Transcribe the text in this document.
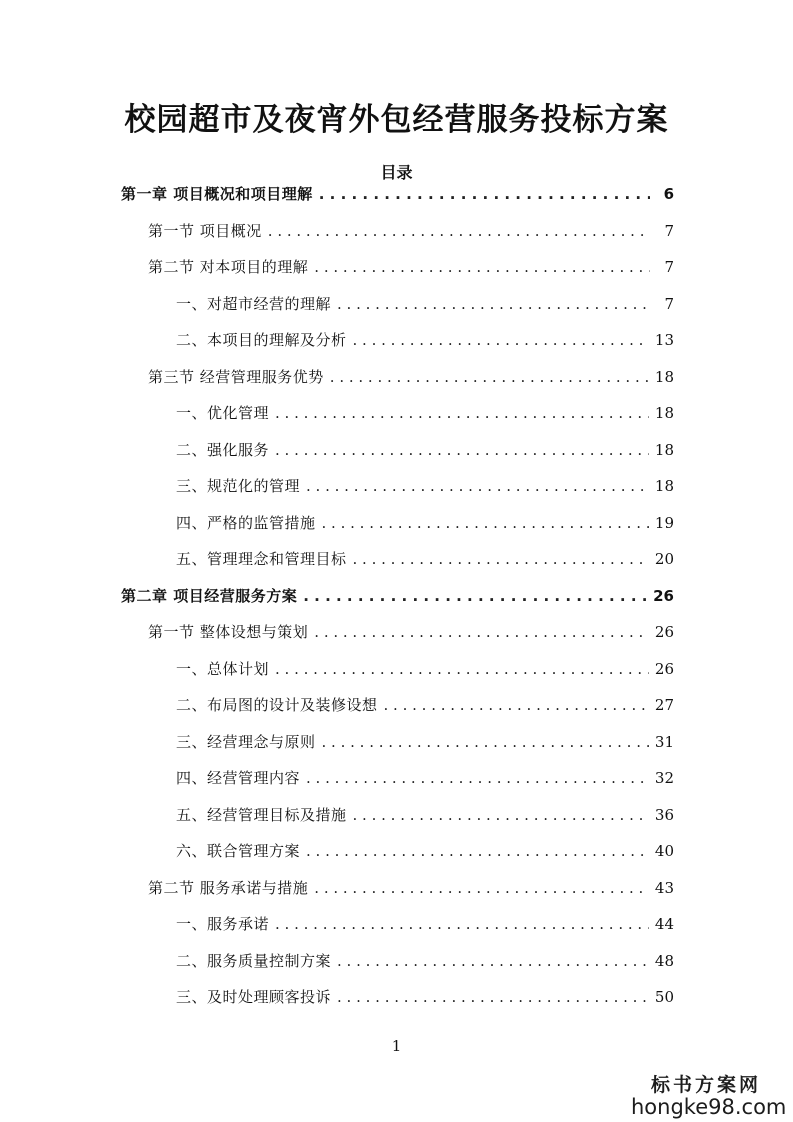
校园超市及夜宵外包经营服务投标方案
目录
第一章 项目概况和项目理解 . . .	6
第一节 项目概况 . . .	7
第二节 对本项目的理解 . . .	7
一、对超市经营的理解 . . .	7
二、本项目的理解及分析 . . .	13
第三节 经营管理服务优势 . . .	18
一、优化管理 . . .	18
二、强化服务 . . .	18
三、规范化的管理 . . .	18
四、严格的监管措施 . . .	19
五、管理理念和管理目标 . . .	20
第二章 项目经营服务方案 . . .	26
第一节 整体设想与策划 . . .	26
一、总体计划 . . .	26
二、布局图的设计及装修设想 . . .	27
三、经营理念与原则 . . .	31
四、经营管理内容 . . .	32
五、经营管理目标及措施 . . .	36
六、联合管理方案 . . .	40
第二节 服务承诺与措施 . . .	43
一、服务承诺 . . .	44
二、服务质量控制方案 . . .	48
三、及时处理顾客投诉 . . .	50
1
标书方案网
hongke98.com
